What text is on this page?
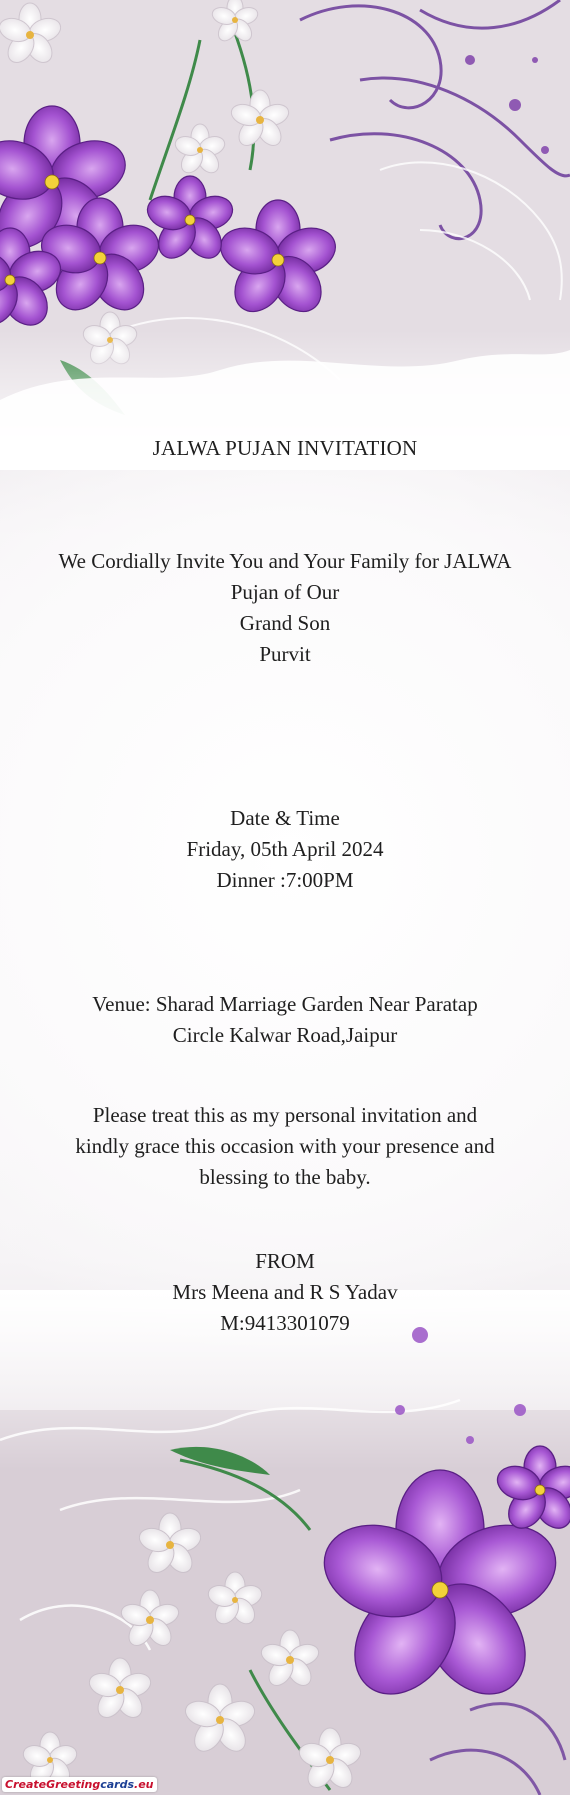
JALWA PUJAN INVITATION
We Cordially Invite You and Your Family for JALWA
Pujan of Our
Grand Son
Purvit
Date & Time
Friday, 05th April 2024
Dinner :7:00PM
Venue: Sharad Marriage Garden Near Paratap
Circle Kalwar Road,Jaipur
Please treat this as my personal invitation and
kindly grace this occasion with your presence and
blessing to the baby.
FROM
Mrs Meena and R S Yadav
M:9413301079
CreateGreetingcards.eu
